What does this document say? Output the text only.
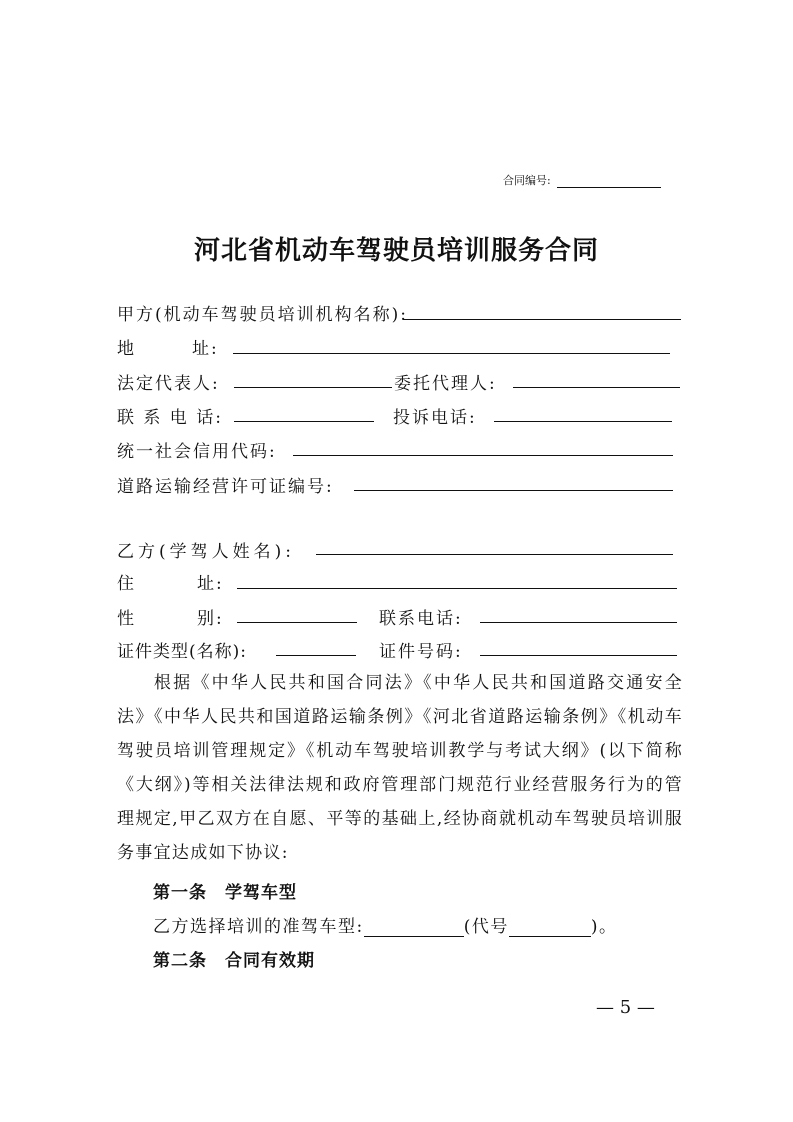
合同编号:
河北省机动车驾驶员培训服务合同
甲方(机动车驾驶员培训机构名称):
地	址:
法定代表人:	委托代理人:
联 系 电 话:	投诉电话:
统一社会信用代码:
道路运输经营许可证编号:
乙方(学驾人姓名):
住	址:
性	别:	联系电话:
证件类型(名称):	证件号码:
根据《中华人民共和国合同法》《中华人民共和国道路交通安全法》《中华人民共和国道路运输条例》《河北省道路运输条例》《机动车驾驶员培训管理规定》《机动车驾驶培训教学与考试大纲》(以下简称《大纲》)等相关法律法规和政府管理部门规范行业经营服务行为的管理规定,甲乙双方在自愿、平等的基础上,经协商就机动车驾驶员培训服务事宜达成如下协议:
第一条　学驾车型
乙方选择培训的准驾车型:	(代号	)。
第二条　合同有效期
— 5 —
